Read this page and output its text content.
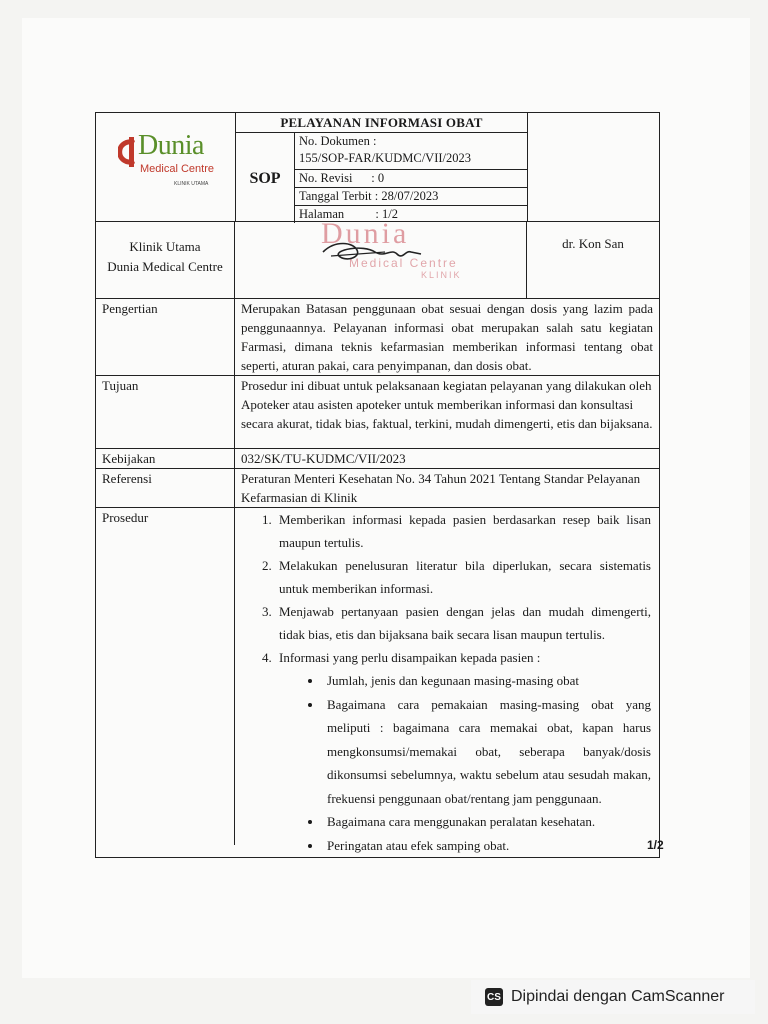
Dunia
Medical Centre
KLINIK UTAMA
PELAYANAN INFORMASI OBAT
SOP
No. Dokumen :
155/SOP-FAR/KUDMC/VII/2023
No. Revisi      : 0
Tanggal Terbit : 28/07/2023
Halaman          : 1/2
Klinik Utama
Dunia Medical Centre
Dunia
Medical Centre
KLINIK
dr. Kon San
Pengertian	Merupakan Batasan penggunaan obat sesuai dengan dosis yang lazim pada penggunaannya. Pelayanan informasi obat merupakan salah satu kegiatan Farmasi, dimana teknis kefarmasian memberikan informasi tentang obat seperti, aturan pakai, cara penyimpanan, dan dosis obat.
Tujuan	Prosedur ini dibuat untuk pelaksanaan kegiatan pelayanan yang dilakukan oleh Apoteker atau asisten apoteker untuk memberikan informasi dan konsultasi secara akurat, tidak bias, faktual, terkini, mudah dimengerti, etis dan bijaksana.
Kebijakan	032/SK/TU-KUDMC/VII/2023
Referensi	Peraturan Menteri Kesehatan No. 34 Tahun 2021 Tentang Standar Pelayanan Kefarmasian di Klinik
Prosedur
1.	Memberikan informasi kepada pasien berdasarkan resep baik lisan maupun tertulis.
2. Melakukan penelusuran literatur bila diperlukan, secara sistematis untuk memberikan informasi.
3. Menjawab pertanyaan pasien dengan jelas dan mudah dimengerti, tidak bias, etis dan bijaksana baik secara lisan maupun tertulis.
4. Informasi yang perlu disampaikan kepada pasien :
• Jumlah, jenis dan kegunaan masing-masing obat
• Bagaimana cara pemakaian masing-masing obat yang meliputi : bagaimana cara memakai obat, kapan harus mengkonsumsi/memakai obat, seberapa banyak/dosis dikonsumsi sebelumnya, waktu sebelum atau sesudah makan, frekuensi penggunaan obat/rentang jam penggunaan.
• Bagaimana cara menggunakan peralatan kesehatan.
• Peringatan atau efek samping obat.	1/2
CS Dipindai dengan CamScanner
